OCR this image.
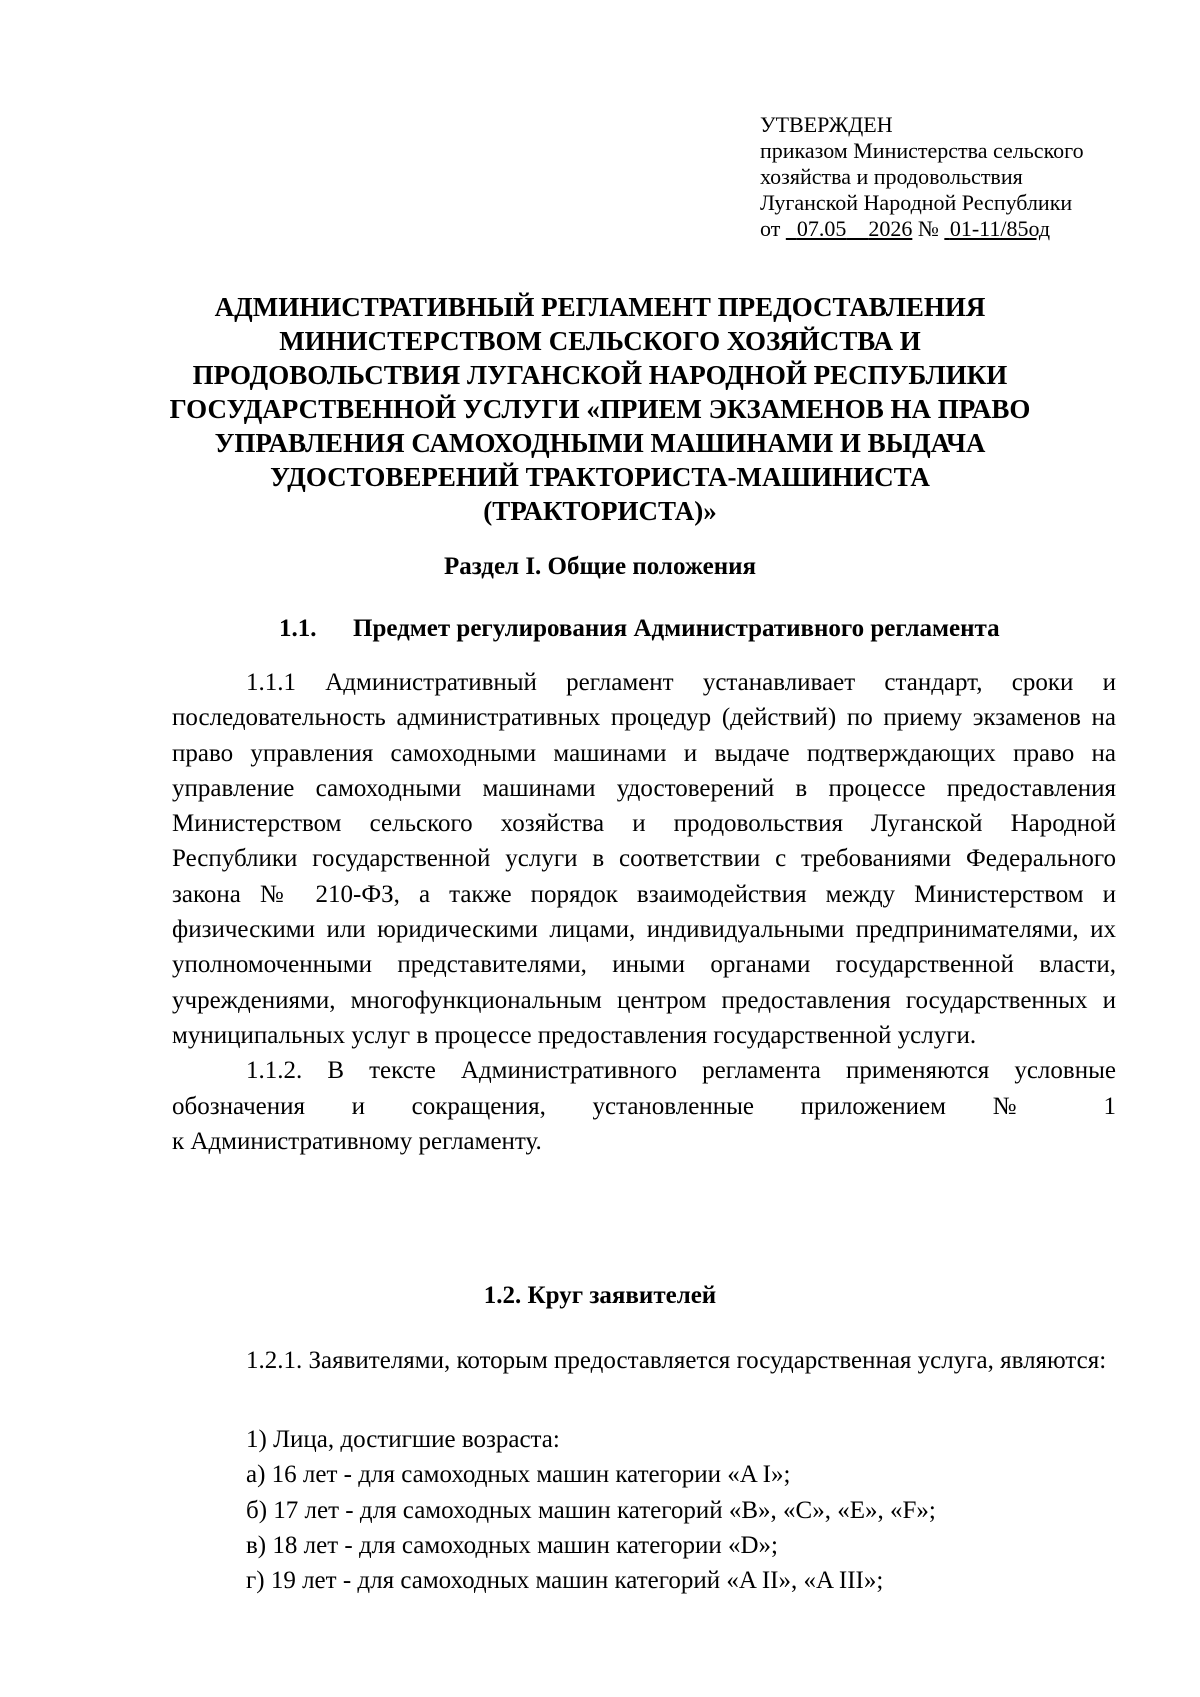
УТВЕРЖДЕН
приказом Министерства сельского
хозяйства и продовольствия
Луганской Народной Республики
от   07.05 2026 №  01-11/85од
АДМИНИСТРАТИВНЫЙ РЕГЛАМЕНТ ПРЕДОСТАВЛЕНИЯ
МИНИСТЕРСТВОМ СЕЛЬСКОГО ХОЗЯЙСТВА И
ПРОДОВОЛЬСТВИЯ ЛУГАНСКОЙ НАРОДНОЙ РЕСПУБЛИКИ
ГОСУДАРСТВЕННОЙ УСЛУГИ «ПРИЕМ ЭКЗАМЕНОВ НА ПРАВО
УПРАВЛЕНИЯ САМОХОДНЫМИ МАШИНАМИ И ВЫДАЧА
УДОСТОВЕРЕНИЙ ТРАКТОРИСТА-МАШИНИСТА
(ТРАКТОРИСТА)»
Раздел I. Общие положения
1.1. Предмет регулирования Административного регламента

1.1.1 Административный регламент устанавливает стандарт, сроки и последовательность административных процедур (действий) по приему экзаменов на право управления самоходными машинами и выдаче подтверждающих право на управление самоходными машинами удостоверений в процессе предоставления Министерством сельского хозяйства и продовольствия Луганской Народной Республики государственной услуги в соответствии с требованиями Федерального закона № 210-ФЗ, а также порядок взаимодействия между Министерством и физическими или юридическими лицами, индивидуальными предпринимателями, их уполномоченными представителями, иными органами государственной власти, учреждениями, многофункциональным центром предоставления государственных и муниципальных услуг в процессе предоставления государственной услуги.

1.1.2. В тексте Административного регламента применяются условные обозначения и сокращения, установленные приложением № 1

к Административному регламенту.
1.2. Круг заявителей

1.2.1. Заявителями, которым предоставляется государственная услуга, являются:

1) Лица, достигшие возраста:
а) 16 лет - для самоходных машин категории «A I»;
б) 17 лет - для самоходных машин категорий «B», «C», «E», «F»;
в) 18 лет - для самоходных машин категории «D»;
г) 19 лет - для самоходных машин категорий «A II», «A III»;
